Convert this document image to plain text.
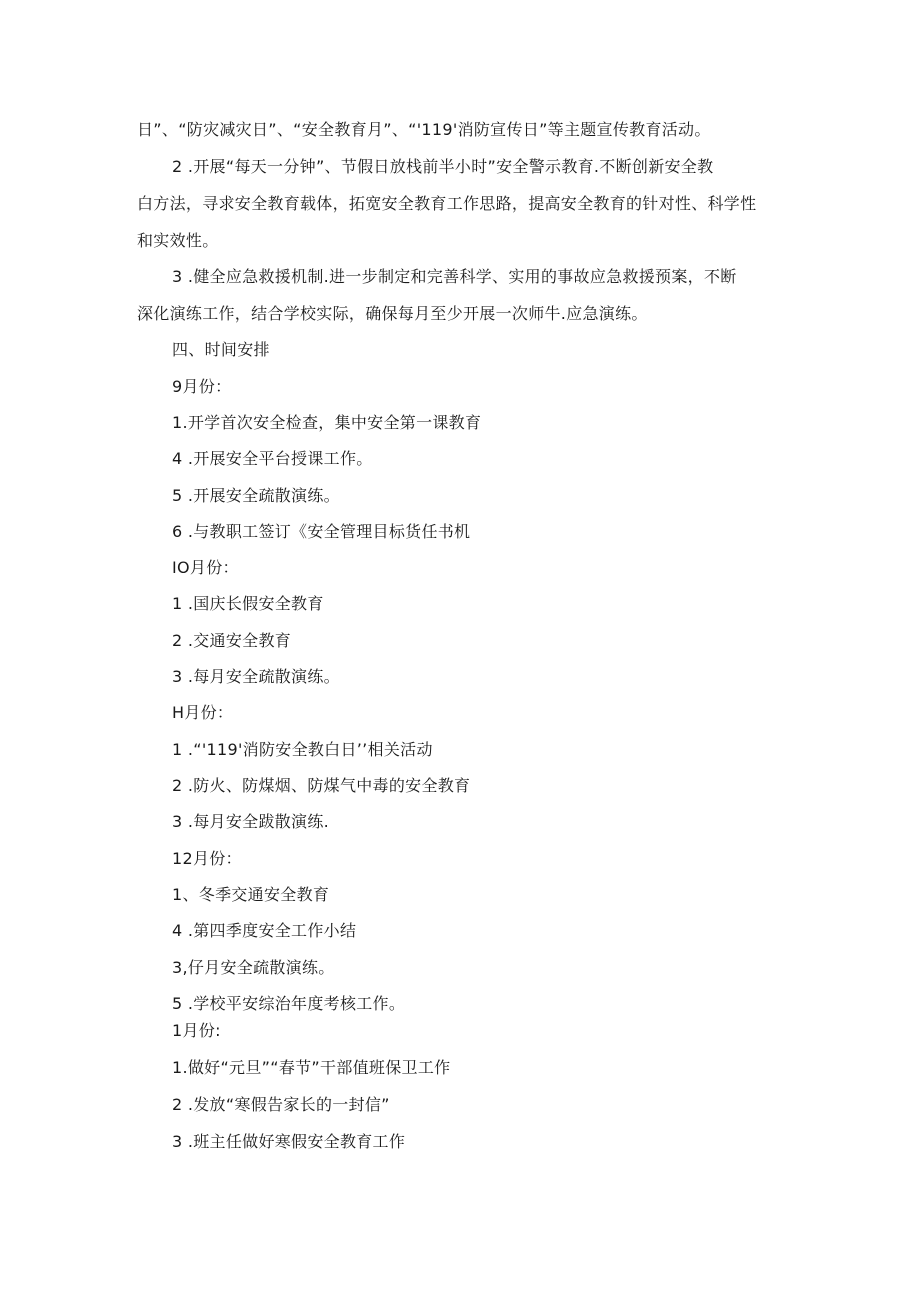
日”、“防灾减灾日”、“安全教育月”、“'119'消防宣传日”等主题宣传教育活动。
2 .开展“每天一分钟”、节假日放栈前半小时”安全警示教育.不断创新安全教
白方法，寻求安全教育载体，拓宽安全教育工作思路，提高安全教育的针对性、科学性
和实效性。
3 .健全应急救援机制.进一步制定和完善科学、实用的事故应急救援预案，不断
深化演练工作，结合学校实际，确保每月至少开展一次师牛.应急演练。
四、时间安排
9月份：
1.开学首次安全检查，集中安全第一课教育
4 .开展安全平台授课工作。
5 .开展安全疏散演练。
6 .与教职工签订《安全管理目标货任书机
IO月份：
1 .国庆长假安全教育
2 .交通安全教育
3 .每月安全疏散演练。
H月份：
1 .“'119'消防安全教白日’’相关活动
2 .防火、防煤烟、防煤气中毒的安全教育
3 .每月安全跋散演练.
12月份：
1、冬季交通安全教育
4 .第四季度安全工作小结
3,仔月安全疏散演练。
5 .学校平安综治年度考核工作。
1月份:
1.做好“元旦”“春节”干部值班保卫工作
2 .发放“寒假告家长的一封信”
3 .班主任做好寒假安全教育工作
